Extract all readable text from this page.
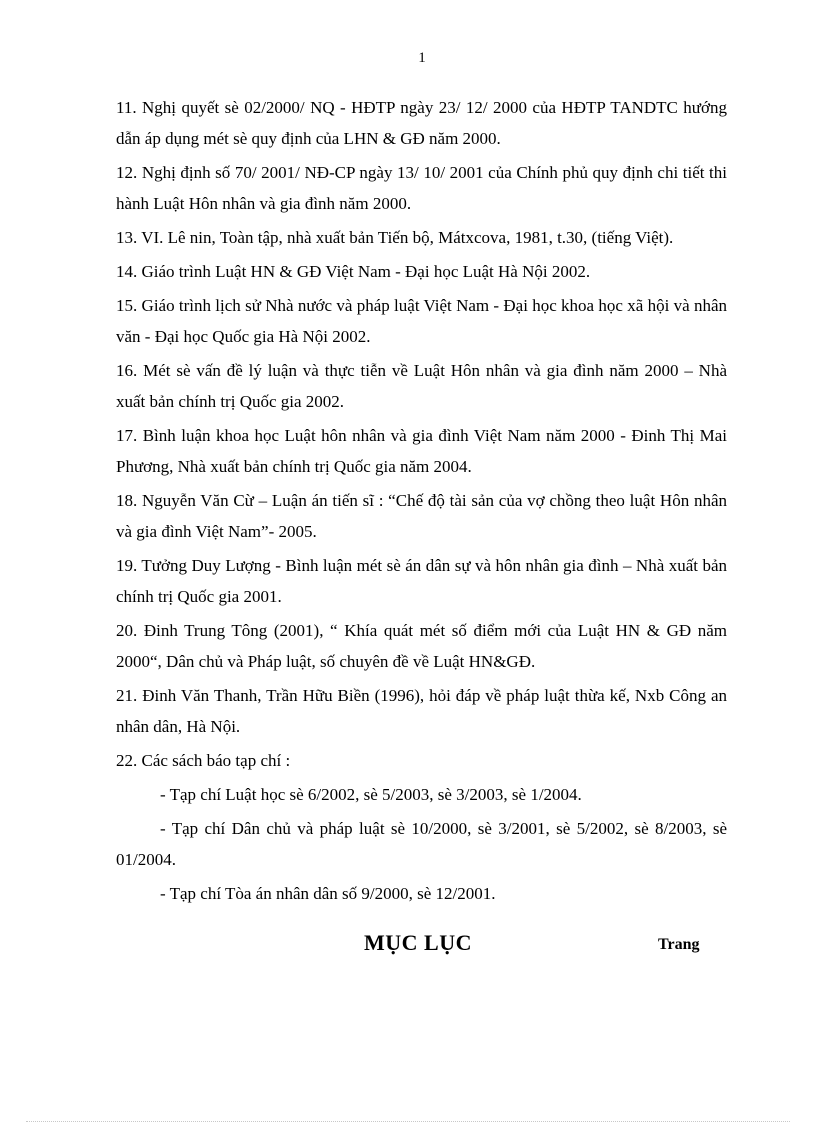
1

11. Nghị quyết sè 02/2000/ NQ - HĐTP ngày 23/ 12/ 2000 của HĐTP TANDTC hướng dẫn áp dụng mét sè quy định của LHN & GĐ năm 2000.

12. Nghị định số 70/ 2001/ NĐ-CP ngày 13/ 10/ 2001 của Chính phủ quy định chi tiết thi hành Luật Hôn nhân và gia đình năm 2000.

13. VI. Lê nin, Toàn tập, nhà xuất bản Tiến bộ, Mátxcova, 1981, t.30, (tiếng Việt).

14. Giáo trình Luật HN & GĐ Việt Nam - Đại học Luật Hà Nội 2002.

15. Giáo trình lịch sử Nhà nước và pháp luật Việt Nam - Đại học khoa học xã hội và nhân văn - Đại học Quốc gia Hà Nội 2002.

16. Mét sè vấn đề lý luận và thực tiễn về Luật Hôn nhân và gia đình năm 2000 – Nhà xuất bản chính trị Quốc gia 2002.

17. Bình luận khoa học Luật hôn nhân và gia đình Việt Nam năm 2000 - Đinh Thị Mai Phương, Nhà xuất bản chính trị Quốc gia năm 2004.

18. Nguyễn Văn Cừ – Luận án tiến sĩ : “Chế độ tài sản của vợ chồng theo luật Hôn nhân và gia đình Việt Nam”- 2005.

19. Tưởng Duy Lượng - Bình luận mét sè án dân sự và hôn nhân gia đình – Nhà xuất bản chính trị Quốc gia 2001.

20. Đinh Trung Tông (2001), “ Khía quát mét số điểm mới của Luật HN & GĐ năm 2000“, Dân chủ và Pháp luật, số chuyên đề về Luật HN&GĐ.

21. Đinh Văn Thanh, Trần Hữu Biền (1996), hỏi đáp về pháp luật thừa kế, Nxb Công an nhân dân, Hà Nội.

22. Các sách báo tạp chí :

- Tạp chí Luật học sè 6/2002, sè 5/2003, sè 3/2003, sè 1/2004.

- Tạp chí Dân chủ và pháp luật sè 10/2000, sè 3/2001, sè 5/2002, sè 8/2003, sè 01/2004.

- Tạp chí Tòa án nhân dân số 9/2000, sè 12/2001.

MỤC LỤC	Trang
